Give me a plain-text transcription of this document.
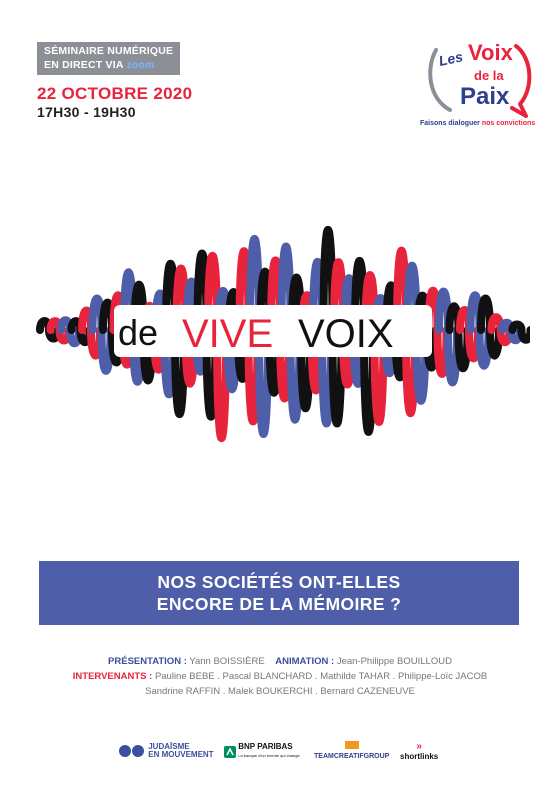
SÉMINAIRE NUMÉRIQUE
EN DIRECT VIA zoom
22 OCTOBRE 2020
17H30 - 19H30
Les Voix
de la
Paix
Faisons dialoguer nos convictions
de VIVE VOIX
NOS SOCIÉTÉS ONT-ELLES
ENCORE DE LA MÉMOIRE ?
PRÉSENTATION : Yann BOISSIÈRE ANIMATION : Jean-Philippe BOUILLOUD
INTERVENANTS : Pauline BEBE . Pascal BLANCHARD . Mathilde TAHAR . Philippe-Loïc JACOB
Sandrine RAFFIN . Malek BOUKERCHI . Bernard CAZENEUVE
JUDAÏSME
EN MOUVEMENT
BNP PARIBAS
La banque d'un monde qui change TEAMCREATIFGROUP
»
shortlinks
